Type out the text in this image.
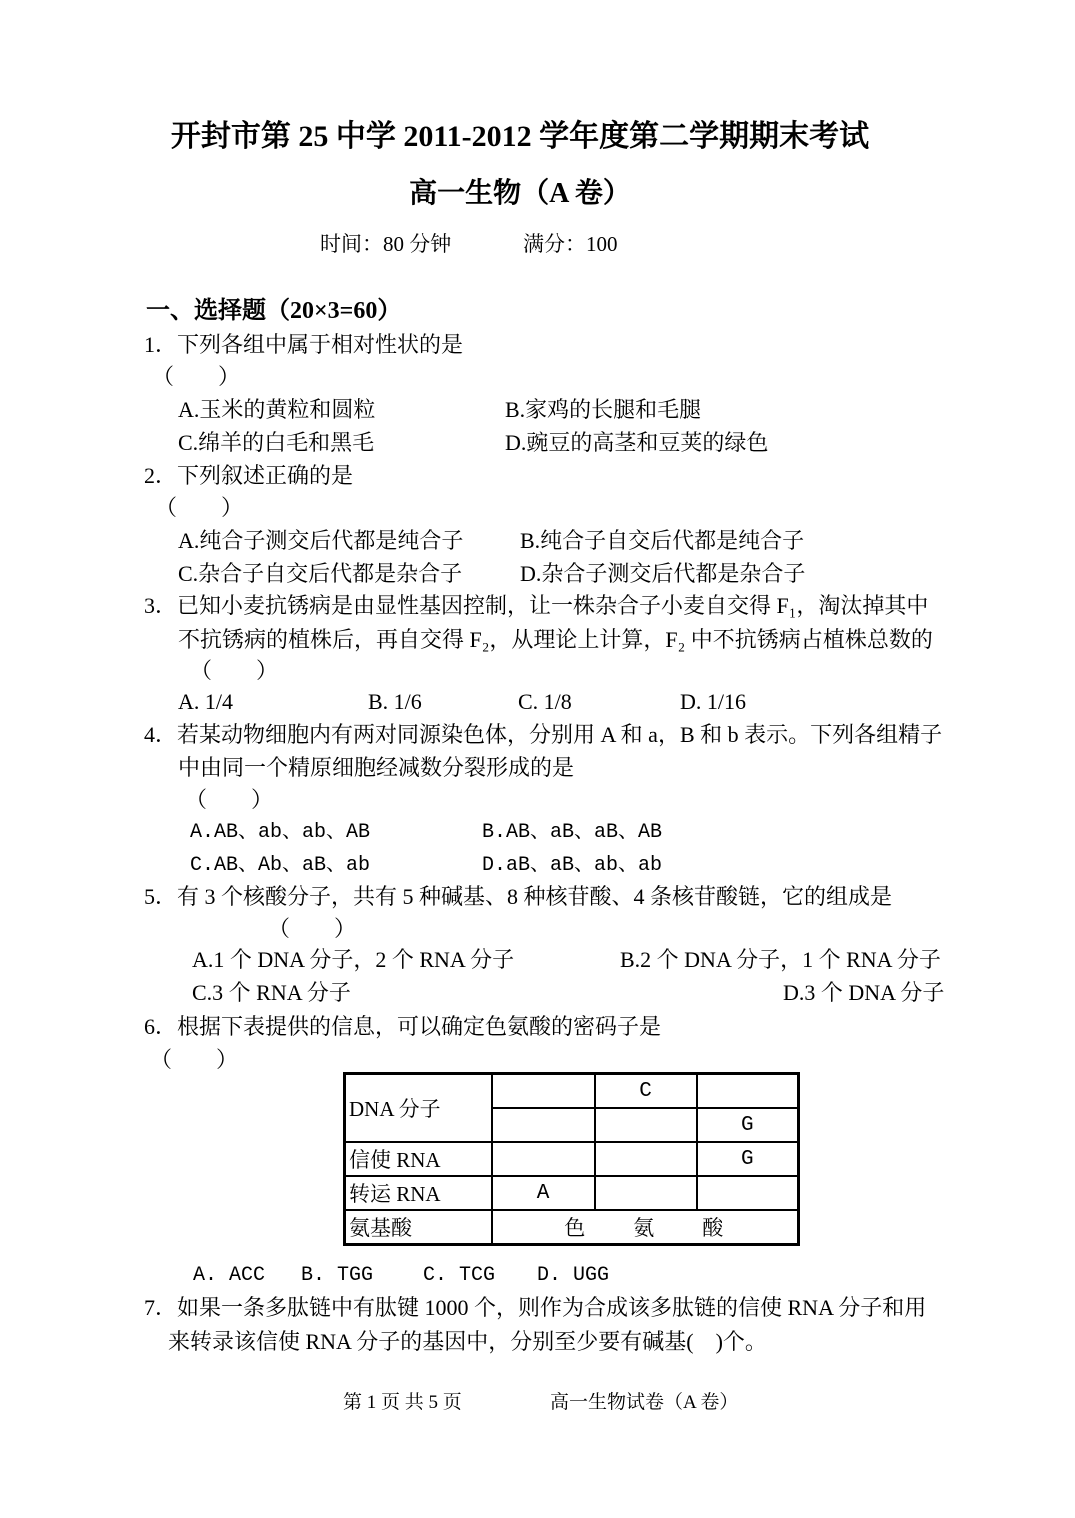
开封市第 25 中学 2011-2012 学年度第二学期期末考试
高一生物（A 卷）
时间：80 分钟	满分：100
一、选择题（20×3=60）
1．下列各组中属于相对性状的是
（　　）
A.玉米的黄粒和圆粒	B.家鸡的长腿和毛腿
C.绵羊的白毛和黑毛	D.豌豆的高茎和豆荚的绿色
2．下列叙述正确的是
（　　）
A.纯合子测交后代都是纯合子	B.纯合子自交后代都是纯合子
C.杂合子自交后代都是杂合子	D.杂合子测交后代都是杂合子
3．已知小麦抗锈病是由显性基因控制，让一株杂合子小麦自交得 F₁，淘汰掉其中
不抗锈病的植株后，再自交得 F₂，从理论上计算，F₂ 中不抗锈病占植株总数的
（　　）
A. 1/4	B. 1/6	C. 1/8	D. 1/16
4．若某动物细胞内有两对同源染色体，分别用 A 和 a，B 和 b 表示。下列各组精子
中由同一个精原细胞经减数分裂形成的是
（　　）
A.AB、ab、ab、AB	B.AB、aB、aB、AB
C.AB、Ab、aB、ab	D.aB、aB、ab、ab
5．有 3 个核酸分子，共有 5 种碱基、8 种核苷酸、4 条核苷酸链，它的组成是
（　　）
A.1 个 DNA 分子，2 个 RNA 分子	B.2 个 DNA 分子，1 个 RNA 分子
C.3 个 RNA 分子	D.3 个 DNA 分子
6．根据下表提供的信息，可以确定色氨酸的密码子是
（　　）
DNA 分子		C	
			G
信使 RNA			G
转运 RNA	A		
氨基酸	色　　氨　　酸		
A. ACC B. TGG C. TCG D. UGG
7．如果一条多肽链中有肽键 1000 个，则作为合成该多肽链的信使 RNA 分子和用
来转录该信使 RNA 分子的基因中，分别至少要有碱基(    )个。
第 1 页 共 5 页	高一生物试卷（A 卷）
